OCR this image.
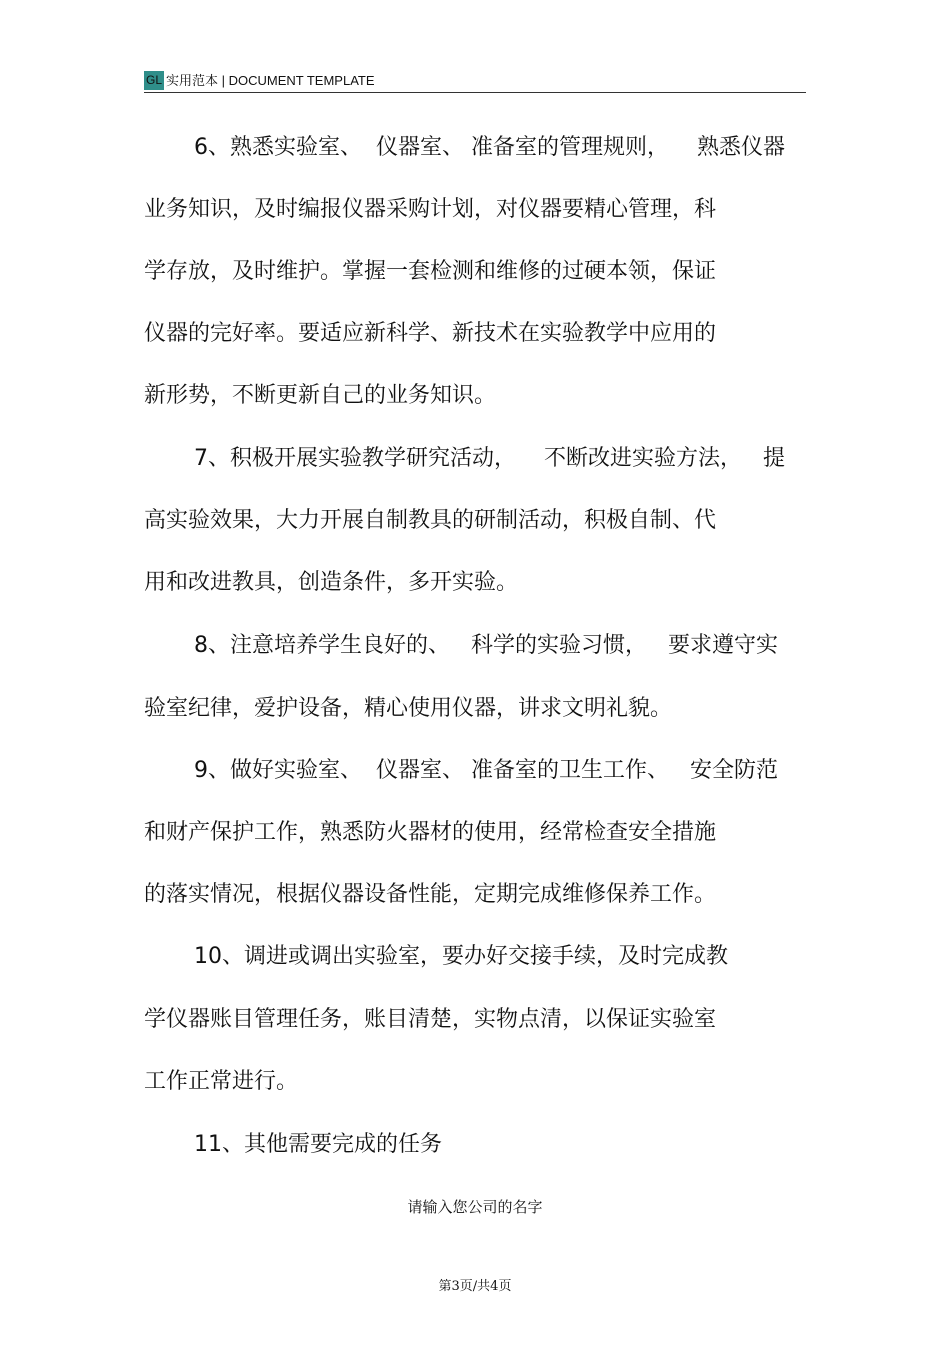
GL 实用范本 | DOCUMENT TEMPLATE
6、熟悉实验室、  仪器室、 准备室的管理规则，    熟悉仪器
业务知识，及时编报仪器采购计划，对仪器要精心管理，科
学存放，及时维护。掌握一套检测和维修的过硬本领，保证
仪器的完好率。要适应新科学、新技术在实验教学中应用的
新形势，不断更新自己的业务知识。
7、积极开展实验教学研究活动，    不断改进实验方法，   提
高实验效果，大力开展自制教具的研制活动，积极自制、代
用和改进教具，创造条件，多开实验。
8、注意培养学生良好的、   科学的实验习惯，   要求遵守实
验室纪律，爱护设备，精心使用仪器，讲求文明礼貌。
9、做好实验室、  仪器室、 准备室的卫生工作、   安全防范
和财产保护工作，熟悉防火器材的使用，经常检查安全措施
的落实情况，根据仪器设备性能，定期完成维修保养工作。
10、调进或调出实验室，要办好交接手续，及时完成教
学仪器账目管理任务，账目清楚，实物点清，以保证实验室
工作正常进行。
11、其他需要完成的任务
请输入您公司的名字
第3页/共4页
